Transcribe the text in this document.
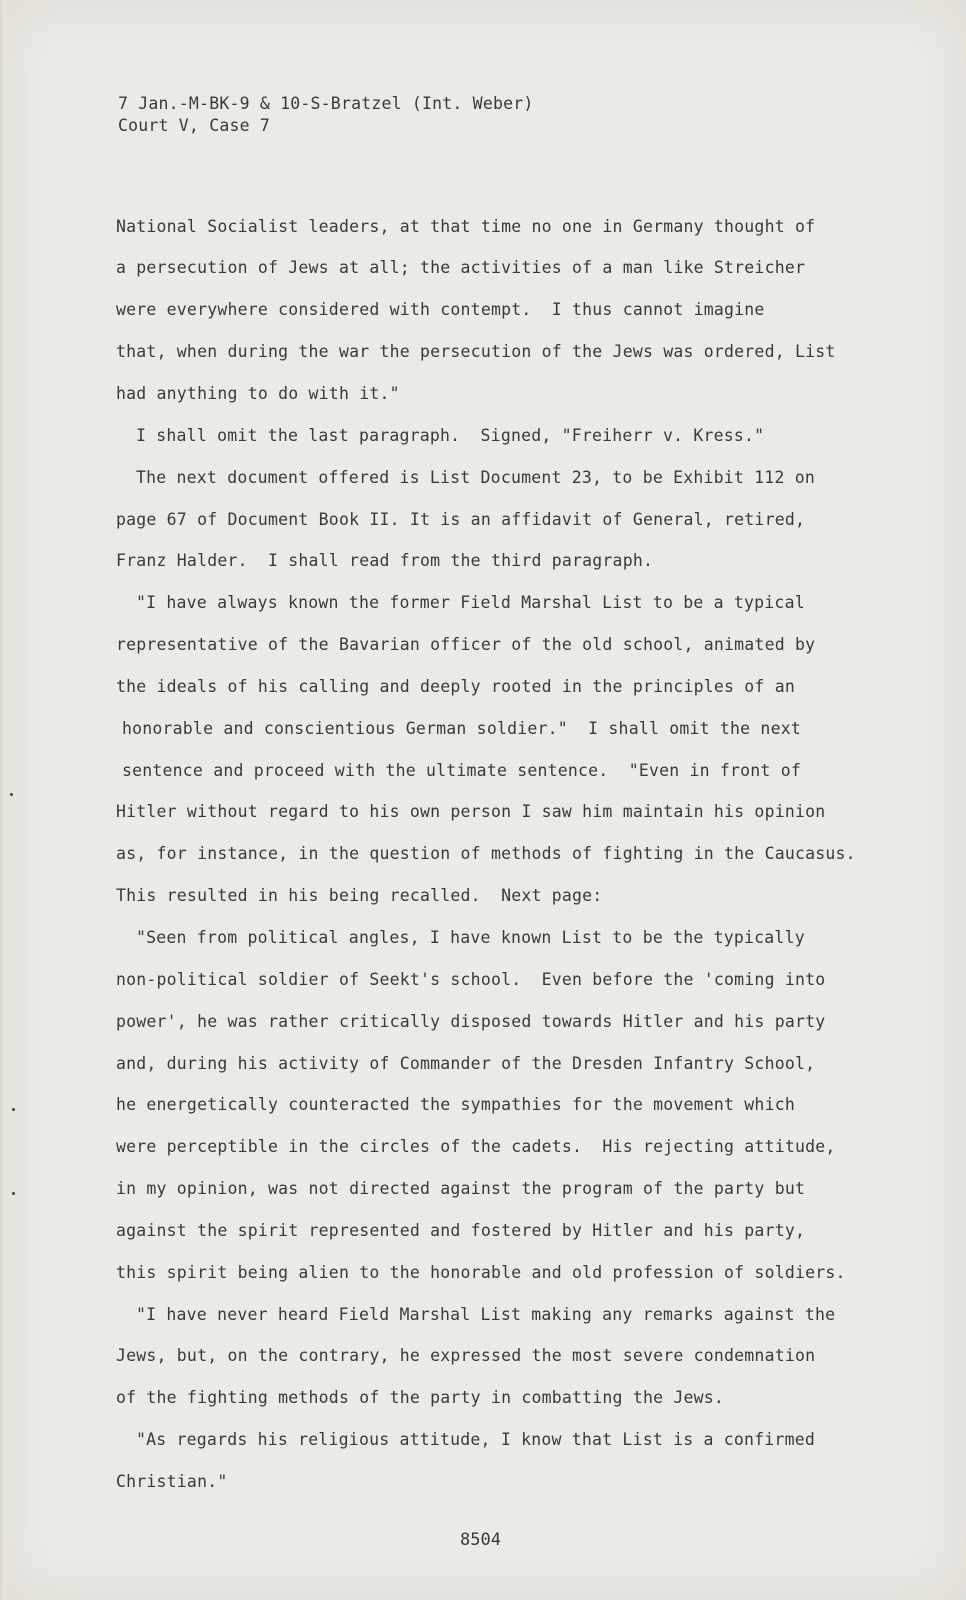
7 Jan.-M-BK-9 & 10-S-Bratzel (Int. Weber)
Court V, Case 7
National Socialist leaders, at that time no one in Germany thought of
a persecution of Jews at all; the activities of a man like Streicher
were everywhere considered with contempt.  I thus cannot imagine
that, when during the war the persecution of the Jews was ordered, List
had anything to do with it."
I shall omit the last paragraph.  Signed, "Freiherr v. Kress."
The next document offered is List Document 23, to be Exhibit 112 on
page 67 of Document Book II. It is an affidavit of General, retired,
Franz Halder.  I shall read from the third paragraph.
"I have always known the former Field Marshal List to be a typical
representative of the Bavarian officer of the old school, animated by
the ideals of his calling and deeply rooted in the principles of an
honorable and conscientious German soldier."  I shall omit the next
sentence and proceed with the ultimate sentence.  "Even in front of
Hitler without regard to his own person I saw him maintain his opinion
as, for instance, in the question of methods of fighting in the Caucasus.
This resulted in his being recalled.  Next page:
"Seen from political angles, I have known List to be the typically
non-political soldier of Seekt's school.  Even before the 'coming into
power', he was rather critically disposed towards Hitler and his party
and, during his activity of Commander of the Dresden Infantry School,
he energetically counteracted the sympathies for the movement which
were perceptible in the circles of the cadets.  His rejecting attitude,
in my opinion, was not directed against the program of the party but
against the spirit represented and fostered by Hitler and his party,
this spirit being alien to the honorable and old profession of soldiers.
"I have never heard Field Marshal List making any remarks against the
Jews, but, on the contrary, he expressed the most severe condemnation
of the fighting methods of the party in combatting the Jews.
"As regards his religious attitude, I know that List is a confirmed
Christian."
8504
